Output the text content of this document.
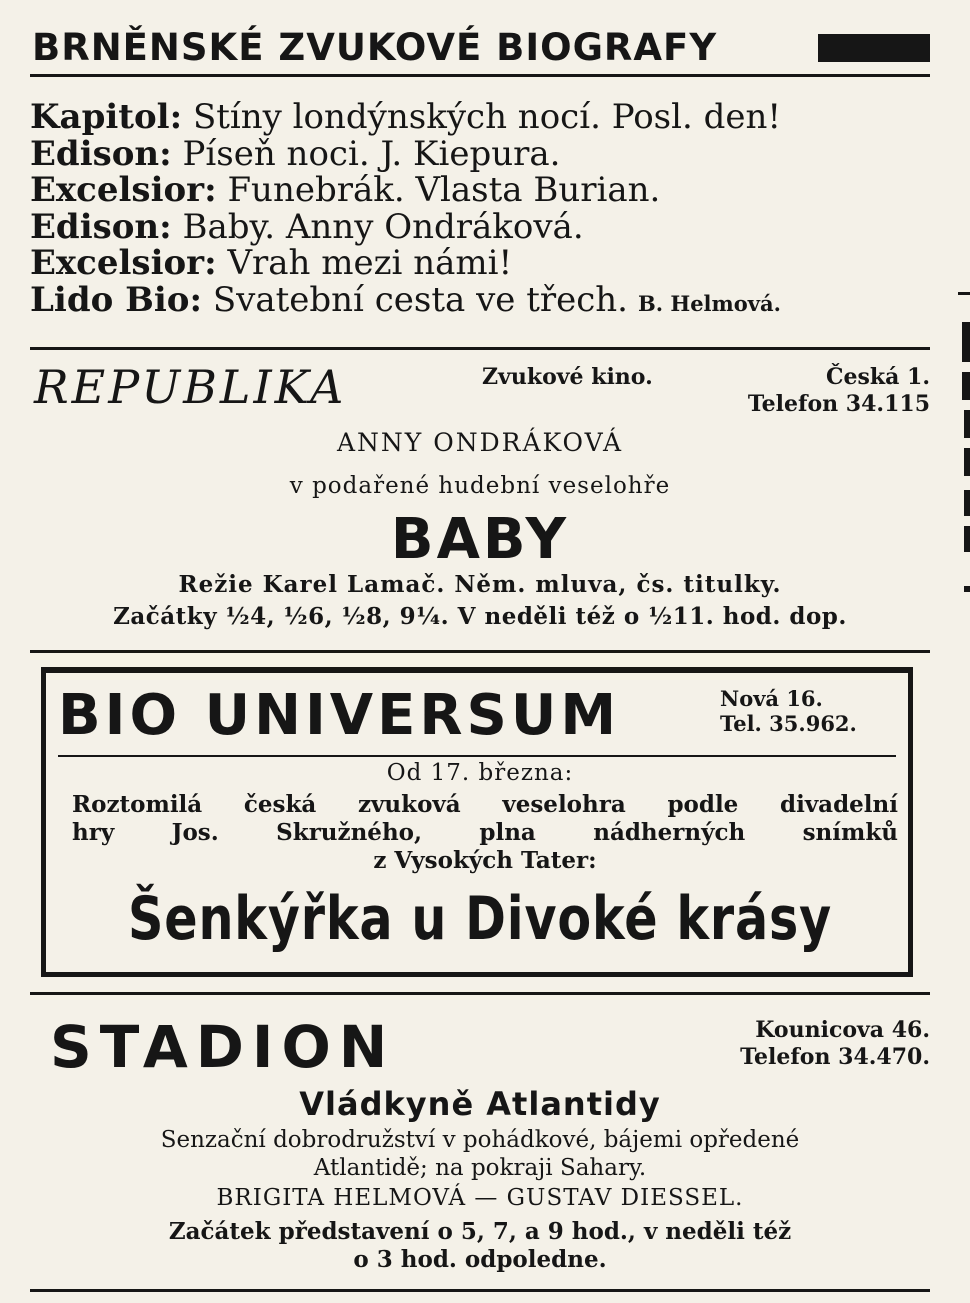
BRNĚNSKÉ ZVUKOVÉ BIOGRAFY
Kapitol: Stíny londýnských nocí. Posl. den!
Edison: Píseň noci. J. Kiepura.
Excelsior: Funebrák. Vlasta Burian.
Edison: Baby. Anny Ondráková.
Excelsior: Vrah mezi námi!
Lido Bio: Svatební cesta ve třech. B. Helmová.
REPUBLIKA	Zvukové kino.	Česká 1.
Telefon 34.115
ANNY ONDRÁKOVÁ
v podařené hudební veselohře
BABY
Režie Karel Lamač. Něm. mluva, čs. titulky.
Začátky ½4, ½6, ½8, 9¼. V neděli též o ½11. hod. dop.
BIO UNIVERSUM	Nová 16.
Tel. 35.962.
Od 17. března:
Roztomilá česká zvuková veselohra podle divadelní
hry Jos. Skružného, plna nádherných snímků
z Vysokých Tater:
Šenkýřka u Divoké krásy
STADION	Kounicova 46.
Telefon 34.470.
Vládkyně Atlantidy
Senzační dobrodružství v pohádkové, bájemi opředené
Atlantidě; na pokraji Sahary.
BRIGITA HELMOVÁ — GUSTAV DIESSEL.
Začátek představení o 5, 7, a 9 hod., v neděli též
o 3 hod. odpoledne.
